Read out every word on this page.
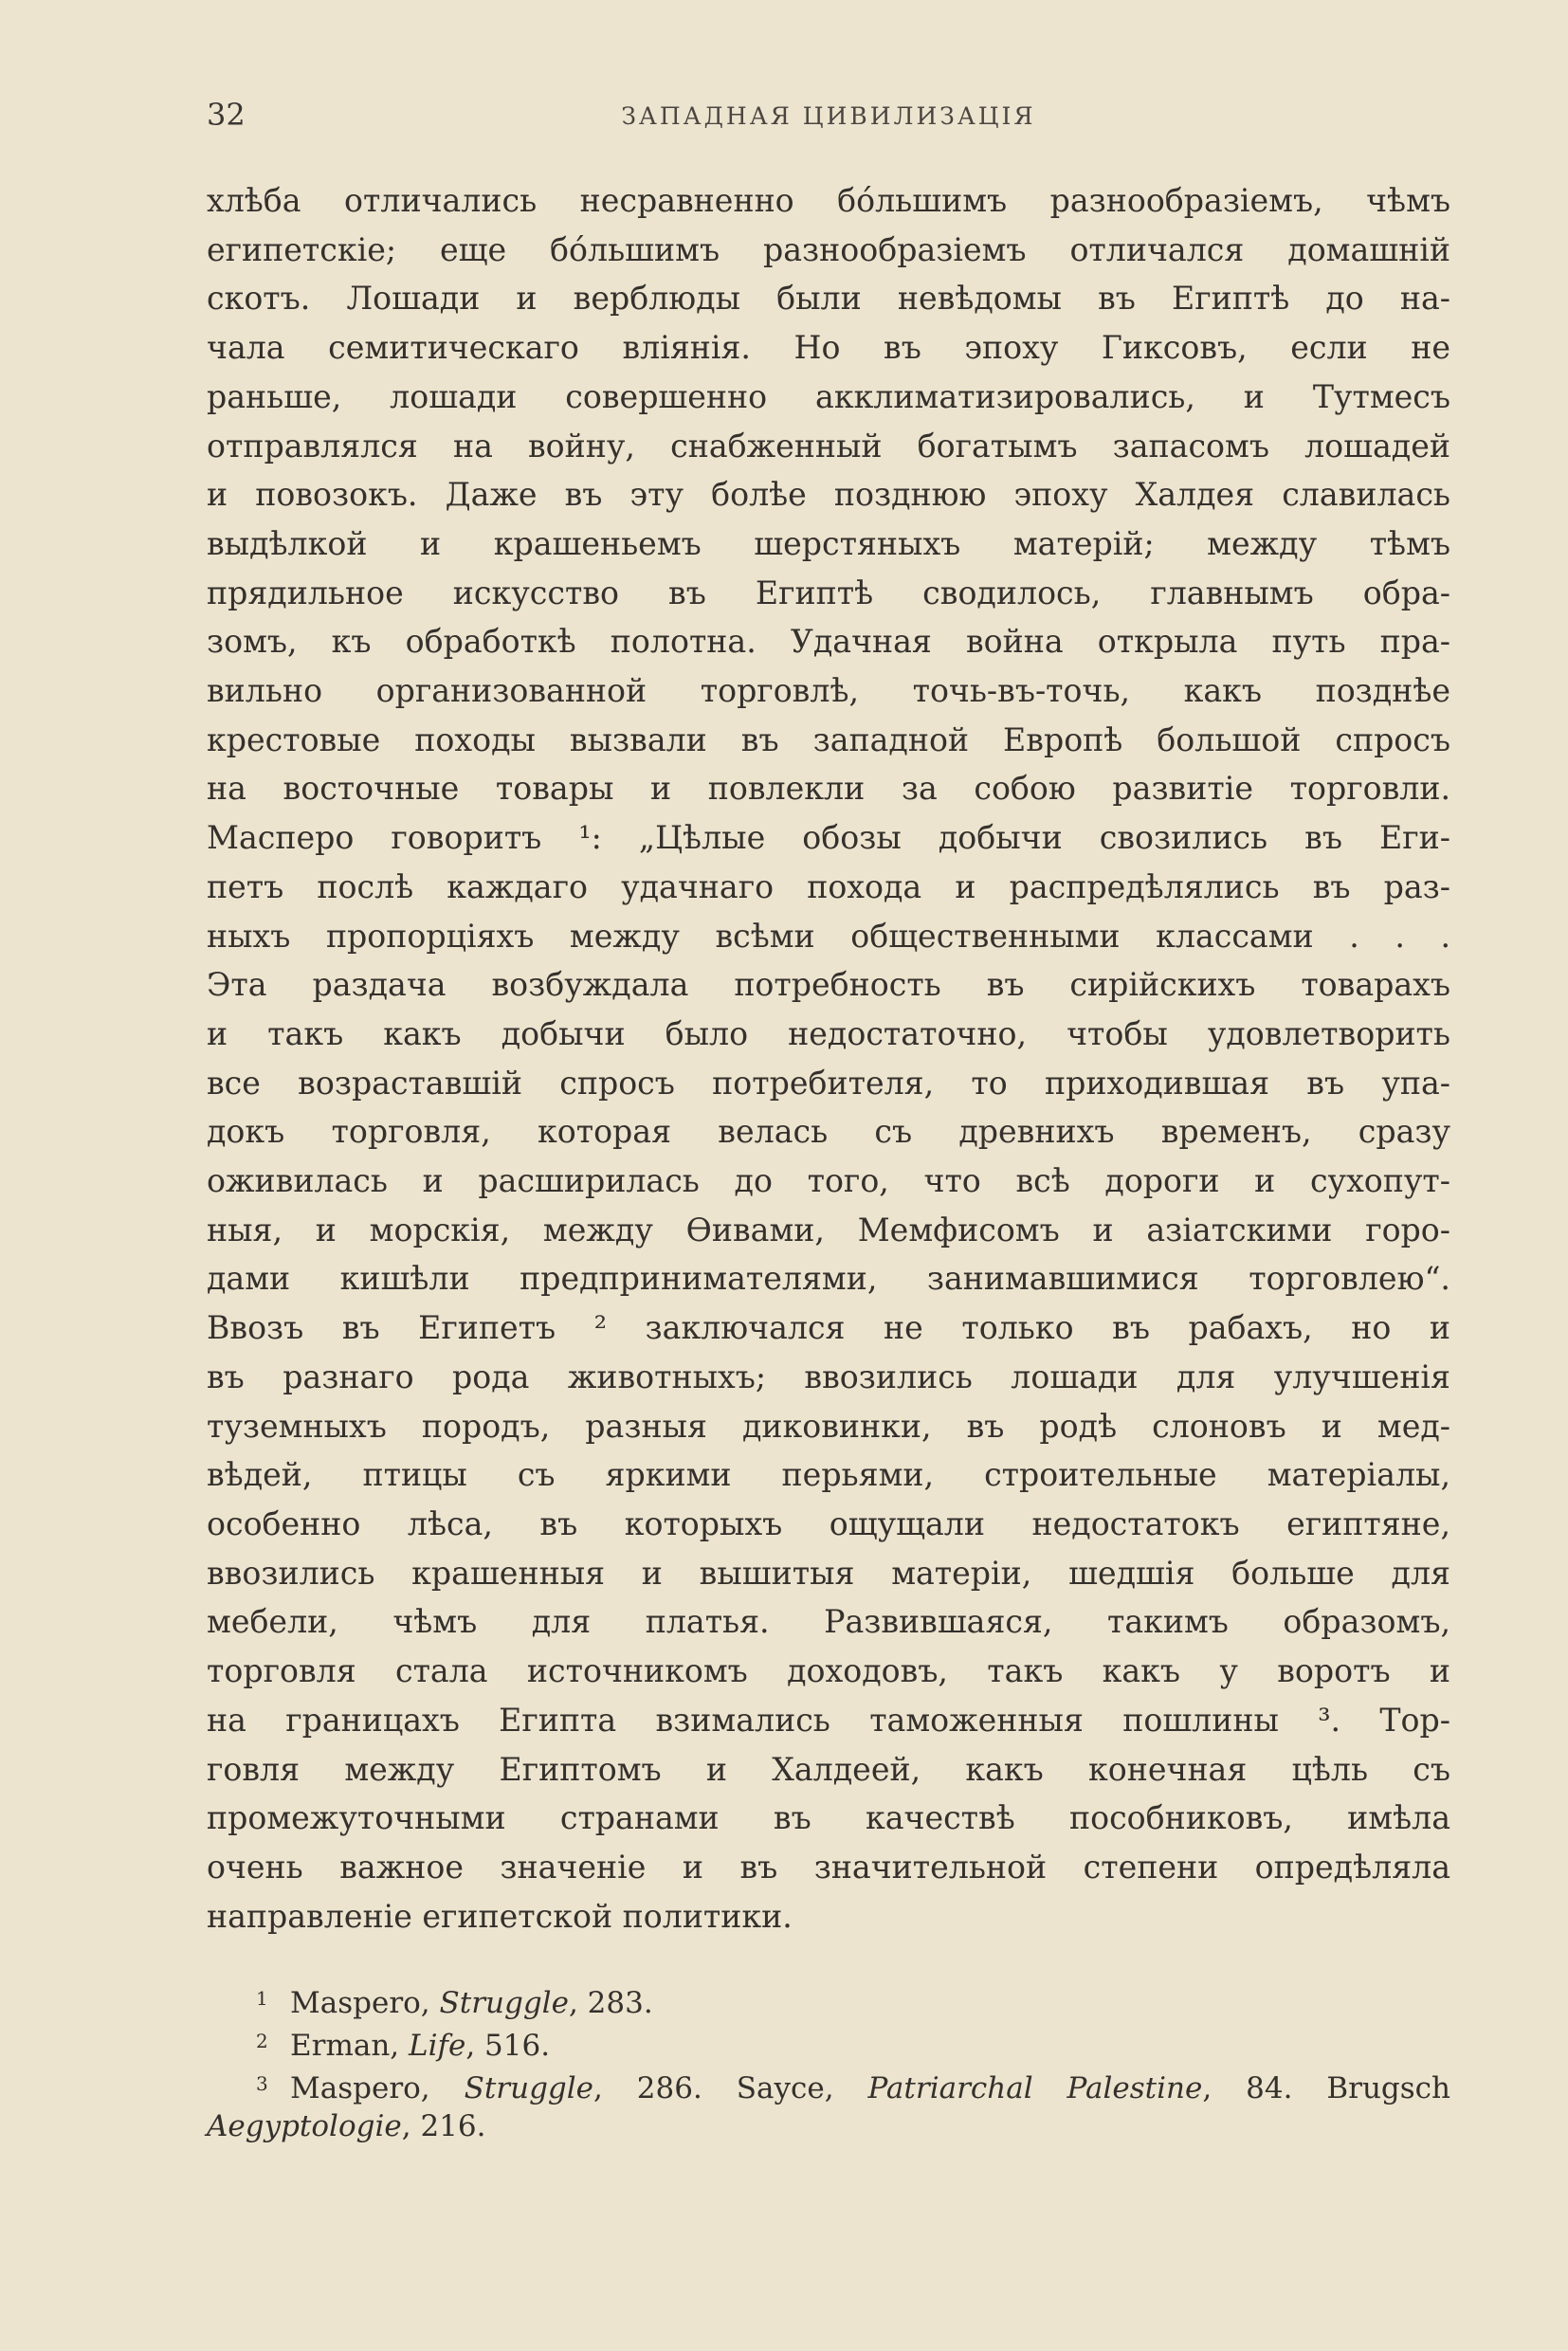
32	ЗАПАДНАЯ ЦИВИЛИЗАЦІЯ
хлѣба отличались несравненно бóльшимъ разнообразіемъ, чѣмъ
египетскіе; еще бóльшимъ разнообразіемъ отличался домашній
скотъ. Лошади и верблюды были невѣдомы въ Египтѣ до на-
чала семитическаго вліянія. Но въ эпоху Гиксовъ, если не
раньше, лошади совершенно акклиматизировались, и Тутмесъ
отправлялся на войну, снабженный богатымъ запасомъ лошадей
и повозокъ. Даже въ эту болѣе позднюю эпоху Халдея славилась
выдѣлкой и крашеньемъ шерстяныхъ матерій; между тѣмъ
прядильное искусство въ Египтѣ сводилось, главнымъ обра-
зомъ, къ обработкѣ полотна. Удачная война открыла путь пра-
вильно организованной торговлѣ, точь-въ-точь, какъ позднѣе
крестовые походы вызвали въ западной Европѣ большой спросъ
на восточные товары и повлекли за собою развитіе торговли.
Масперо говоритъ ¹: „Цѣлые обозы добычи свозились въ Еги-
петъ послѣ каждаго удачнаго похода и распредѣлялись въ раз-
ныхъ пропорціяхъ между всѣми общественными классами . . .
Эта раздача возбуждала потребность въ сирійскихъ товарахъ
и такъ какъ добычи было недостаточно, чтобы удовлетворить
все возраставшій спросъ потребителя, то приходившая въ упа-
докъ торговля, которая велась съ древнихъ временъ, сразу
оживилась и расширилась до того, что всѣ дороги и сухопут-
ныя, и морскія, между Ѳивами, Мемфисомъ и азіатскими горо-
дами кишѣли предпринимателями, занимавшимися торговлею“.
Ввозъ въ Египетъ ² заключался не только въ рабахъ, но и
въ разнаго рода животныхъ; ввозились лошади для улучшенія
туземныхъ породъ, разныя диковинки, въ родѣ слоновъ и мед-
вѣдей, птицы съ яркими перьями, строительные матеріалы,
особенно лѣса, въ которыхъ ощущали недостатокъ египтяне,
ввозились крашенныя и вышитыя матеріи, шедшія больше для
мебели, чѣмъ для платья. Развившаяся, такимъ образомъ,
торговля стала источникомъ доходовъ, такъ какъ у воротъ и
на границахъ Египта взимались таможенныя пошлины ³. Тор-
говля между Египтомъ и Халдеей, какъ конечная цѣль съ
промежуточными странами въ качествѣ пособниковъ, имѣла
очень важное значеніе и въ значительной степени опредѣляла
направленіе египетской политики.
1 Maspero, Struggle, 283.
2 Erman, Life, 516.
3 Maspero, Struggle, 286. Sayce, Patriarchal Palestine, 84. Brugsch
Aegyptologie, 216.
